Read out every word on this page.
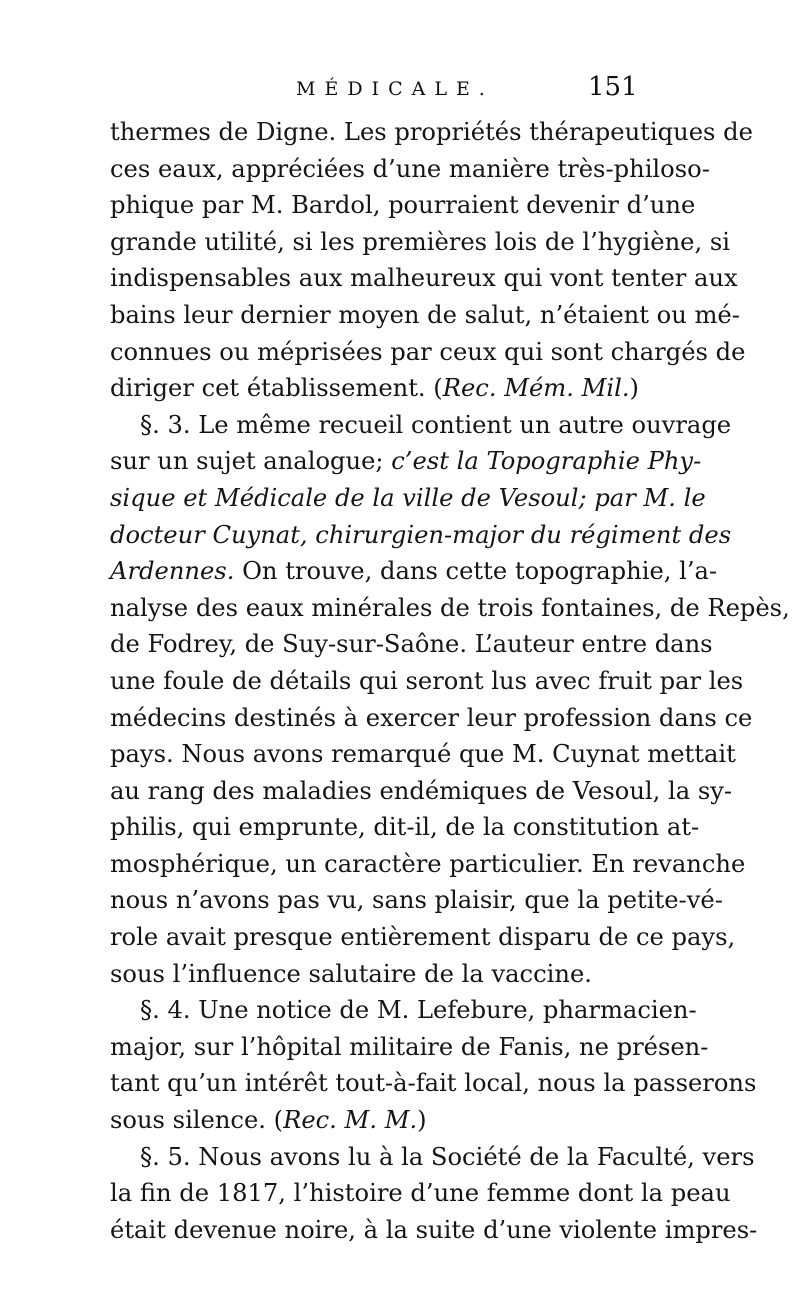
MÉDICALE.	151
thermes de Digne. Les propriétés thérapeutiques de
ces eaux, appréciées d’une manière très-philoso-
phique par M. Bardol, pourraient devenir d’une
grande utilité, si les premières lois de l’hygiène, si
indispensables aux malheureux qui vont tenter aux
bains leur dernier moyen de salut, n’étaient ou mé-
connues ou méprisées par ceux qui sont chargés de
diriger cet établissement. (Rec. Mém. Mil.)
§. 3. Le même recueil contient un autre ouvrage
sur un sujet analogue; c’est la Topographie Phy-
sique et Médicale de la ville de Vesoul; par M. le
docteur Cuynat, chirurgien-major du régiment des
Ardennes. On trouve, dans cette topographie, l’a-
nalyse des eaux minérales de trois fontaines, de Repès,
de Fodrey, de Suy-sur-Saône. L’auteur entre dans
une foule de détails qui seront lus avec fruit par les
médecins destinés à exercer leur profession dans ce
pays. Nous avons remarqué que M. Cuynat mettait
au rang des maladies endémiques de Vesoul, la sy-
philis, qui emprunte, dit-il, de la constitution at-
mosphérique, un caractère particulier. En revanche
nous n’avons pas vu, sans plaisir, que la petite-vé-
role avait presque entièrement disparu de ce pays,
sous l’influence salutaire de la vaccine.
§. 4. Une notice de M. Lefebure, pharmacien-
major, sur l’hôpital militaire de Fanis, ne présen-
tant qu’un intérêt tout-à-fait local, nous la passerons
sous silence. (Rec. M. M.)
§. 5. Nous avons lu à la Société de la Faculté, vers
la fin de 1817, l’histoire d’une femme dont la peau
était devenue noire, à la suite d’une violente impres-
